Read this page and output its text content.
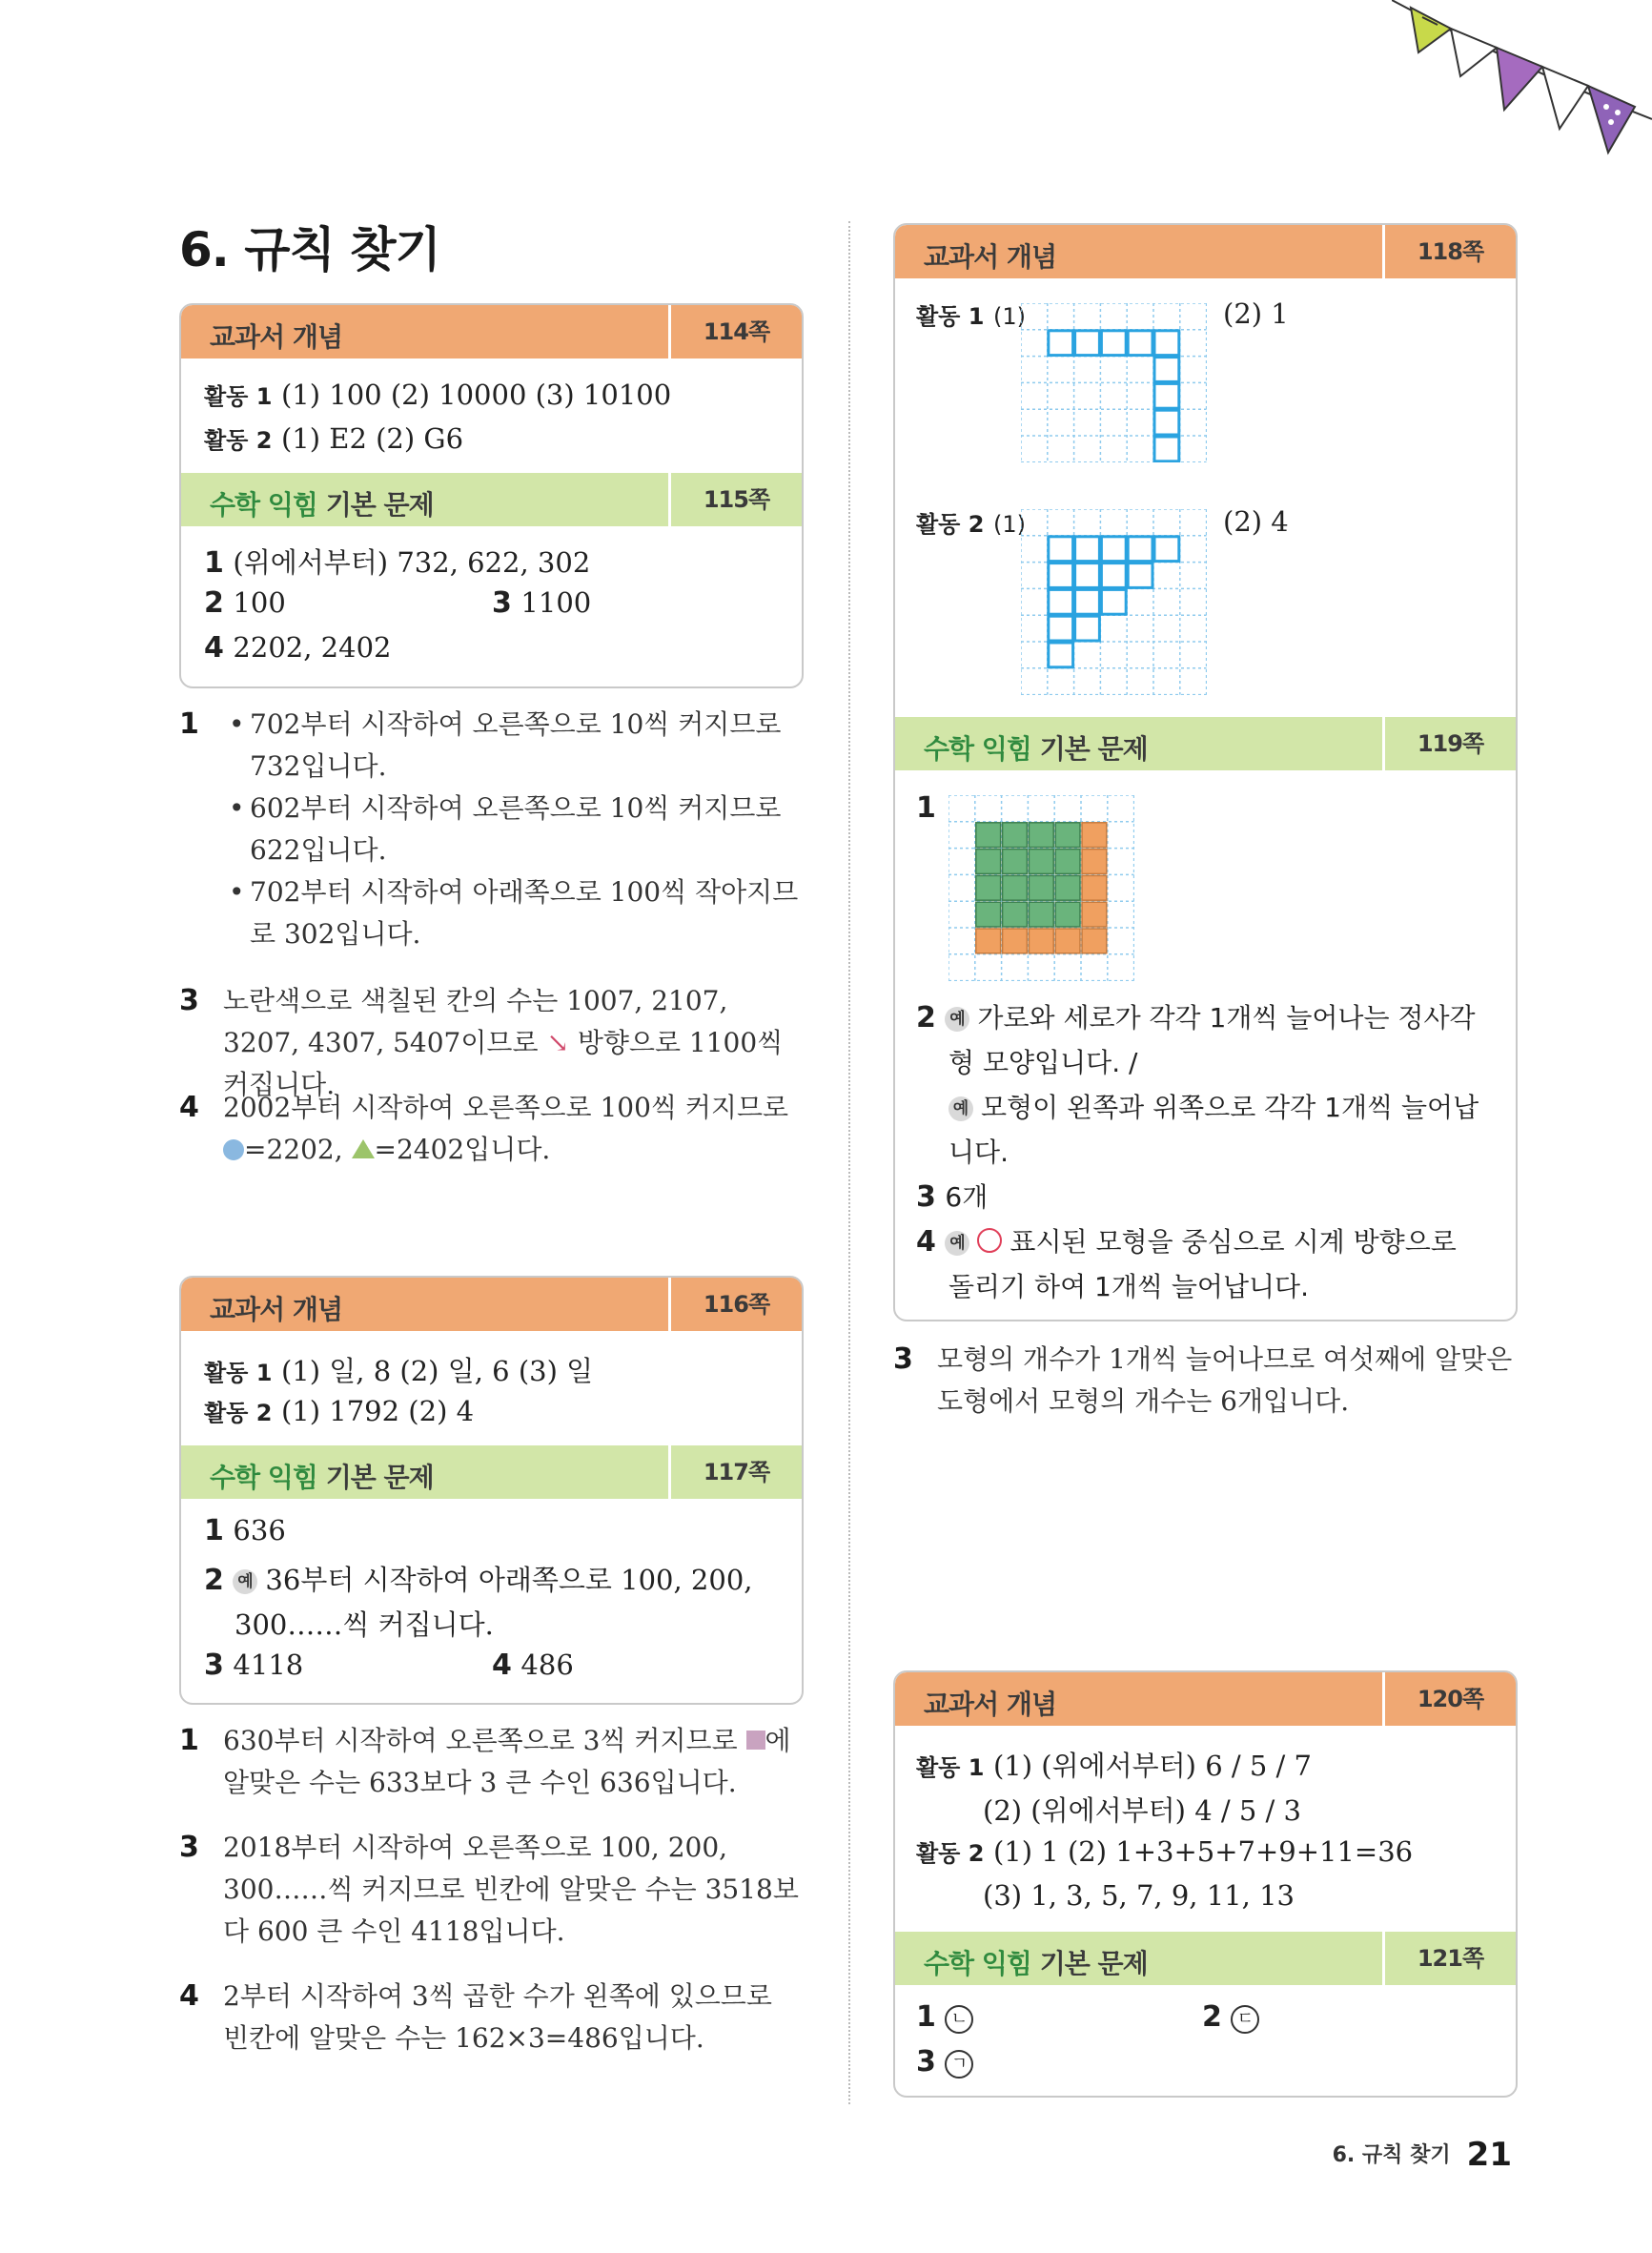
6. 규칙 찾기
교과서 개념	114쪽
활동 1 (1) 100 (2) 10000 (3) 10100
활동 2 (1) E2 (2) G6
수학 익힘 기본 문제	115쪽
1 (위에서부터) 732, 622, 302
2 100	3 1100
4 2202, 2402
1 • 702부터 시작하여 오른쪽으로 10씩 커지므로 732입니다.
• 602부터 시작하여 오른쪽으로 10씩 커지므로 622입니다.
• 702부터 시작하여 아래쪽으로 100씩 작아지므로 302입니다.
3 노란색으로 색칠된 칸의 수는 1007, 2107, 3207, 4307, 5407이므로 ↘ 방향으로 1100씩 커집니다.
4 2002부터 시작하여 오른쪽으로 100씩 커지므로
=2202, =2402입니다.
교과서 개념	116쪽
활동 1 (1) 일, 8 (2) 일, 6 (3) 일
활동 2 (1) 1792 (2) 4
수학 익힘 기본 문제	117쪽
1 636
2 예 36부터 시작하여 아래쪽으로 100, 200,
300……씩 커집니다.
3 4118	4 486
1 630부터 시작하여 오른쪽으로 3씩 커지므로 에
알맞은 수는 633보다 3 큰 수인 636입니다.
3 2018부터 시작하여 오른쪽으로 100, 200, 300……씩 커지므로 빈칸에 알맞은 수는 3518보다 600 큰 수인 4118입니다.
4 2부터 시작하여 3씩 곱한 수가 왼쪽에 있으므로 빈칸에 알맞은 수는 162×3=486입니다.
교과서 개념	118쪽
활동 1 (1)	(2) 1
활동 2 (1)	(2) 4
수학 익힘 기본 문제	119쪽
1
2 예 가로와 세로가 각각 1개씩 늘어나는 정사각
형 모양입니다. /
예 모형이 왼쪽과 위쪽으로 각각 1개씩 늘어납
니다.
3 6개
4 예 표시된 모형을 중심으로 시계 방향으로
돌리기 하여 1개씩 늘어납니다.
3 모형의 개수가 1개씩 늘어나므로 여섯째에 알맞은 도형에서 모형의 개수는 6개입니다.
교과서 개념	120쪽
활동 1 (1) (위에서부터) 6 / 5 / 7
(2) (위에서부터) 4 / 5 / 3
활동 2 (1) 1 (2) 1+3+5+7+9+11=36
(3) 1, 3, 5, 7, 9, 11, 13
수학 익힘 기본 문제	121쪽
1 ㄴ	2 ㄷ
3 ㄱ
6. 규칙 찾기 21
